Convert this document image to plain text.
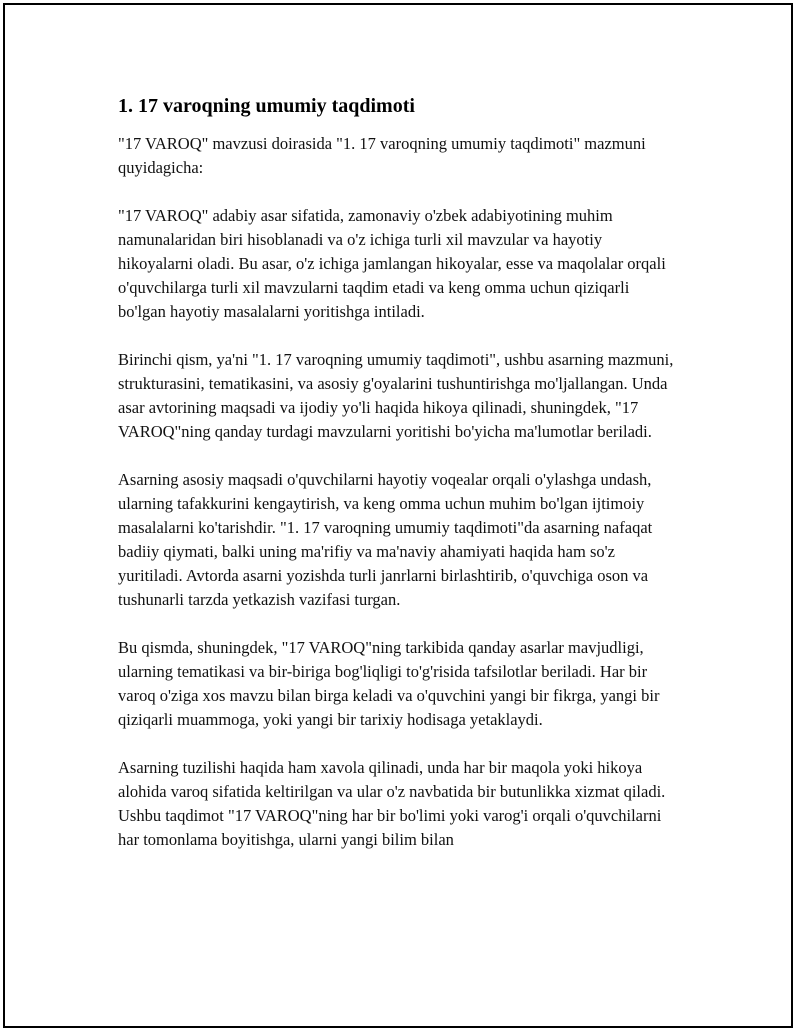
1. 17 varoqning umumiy taqdimoti

"17 VAROQ" mavzusi doirasida "1. 17 varoqning umumiy taqdimoti" mazmuni quyidagicha:

"17 VAROQ" adabiy asar sifatida, zamonaviy o'zbek adabiyotining muhim namunalaridan biri hisoblanadi va o'z ichiga turli xil mavzular va hayotiy hikoyalarni oladi. Bu asar, o'z ichiga jamlangan hikoyalar, esse va maqolalar orqali o'quvchilarga turli xil mavzularni taqdim etadi va keng omma uchun qiziqarli bo'lgan hayotiy masalalarni yoritishga intiladi.

Birinchi qism, ya'ni "1. 17 varoqning umumiy taqdimoti", ushbu asarning mazmuni, strukturasini, tematikasini, va asosiy g'oyalarini tushuntirishga mo'ljallangan. Unda asar avtorining maqsadi va ijodiy yo'li haqida hikoya qilinadi, shuningdek, "17 VAROQ"ning qanday turdagi mavzularni yoritishi bo'yicha ma'lumotlar beriladi.

Asarning asosiy maqsadi o'quvchilarni hayotiy voqealar orqali o'ylashga undash, ularning tafakkurini kengaytirish, va keng omma uchun muhim bo'lgan ijtimoiy masalalarni ko'tarishdir. "1. 17 varoqning umumiy taqdimoti"da asarning nafaqat badiiy qiymati, balki uning ma'rifiy va ma'naviy ahamiyati haqida ham so'z yuritiladi. Avtorda asarni yozishda turli janrlarni birlashtirib, o'quvchiga oson va tushunarli tarzda yetkazish vazifasi turgan.

Bu qismda, shuningdek, "17 VAROQ"ning tarkibida qanday asarlar mavjudligi, ularning tematikasi va bir-biriga bog'liqligi to'g'risida tafsilotlar beriladi. Har bir varoq o'ziga xos mavzu bilan birga keladi va o'quvchini yangi bir fikrga, yangi bir qiziqarli muammoga, yoki yangi bir tarixiy hodisaga yetaklaydi.

Asarning tuzilishi haqida ham xavola qilinadi, unda har bir maqola yoki hikoya alohida varoq sifatida keltirilgan va ular o'z navbatida bir butunlikka xizmat qiladi. Ushbu taqdimot "17 VAROQ"ning har bir bo'limi yoki varog'i orqali o'quvchilarni har tomonlama boyitishga, ularni yangi bilim bilan
